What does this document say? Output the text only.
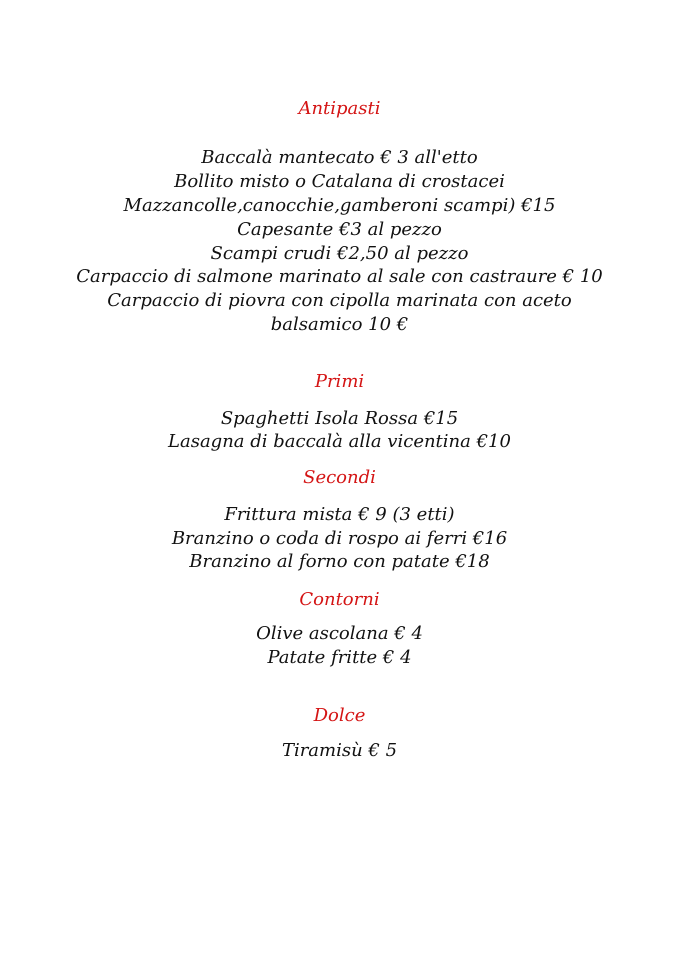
Antipasti
Baccalà mantecato € 3 all'etto
Bollito misto o Catalana di crostacei
Mazzancolle,canocchie,gamberoni scampi) €15
Capesante €3 al pezzo
Scampi crudi €2,50 al pezzo
Carpaccio di salmone marinato al sale con castraure € 10
Carpaccio di piovra con cipolla marinata con aceto
balsamico 10 €
Primi
Spaghetti Isola Rossa €15
Lasagna di baccalà alla vicentina €10
Secondi
Frittura mista € 9 (3 etti)
Branzino o coda di rospo ai ferri €16
Branzino al forno con patate €18
Contorni
Olive ascolana € 4
Patate fritte € 4
Dolce
Tiramisù € 5
